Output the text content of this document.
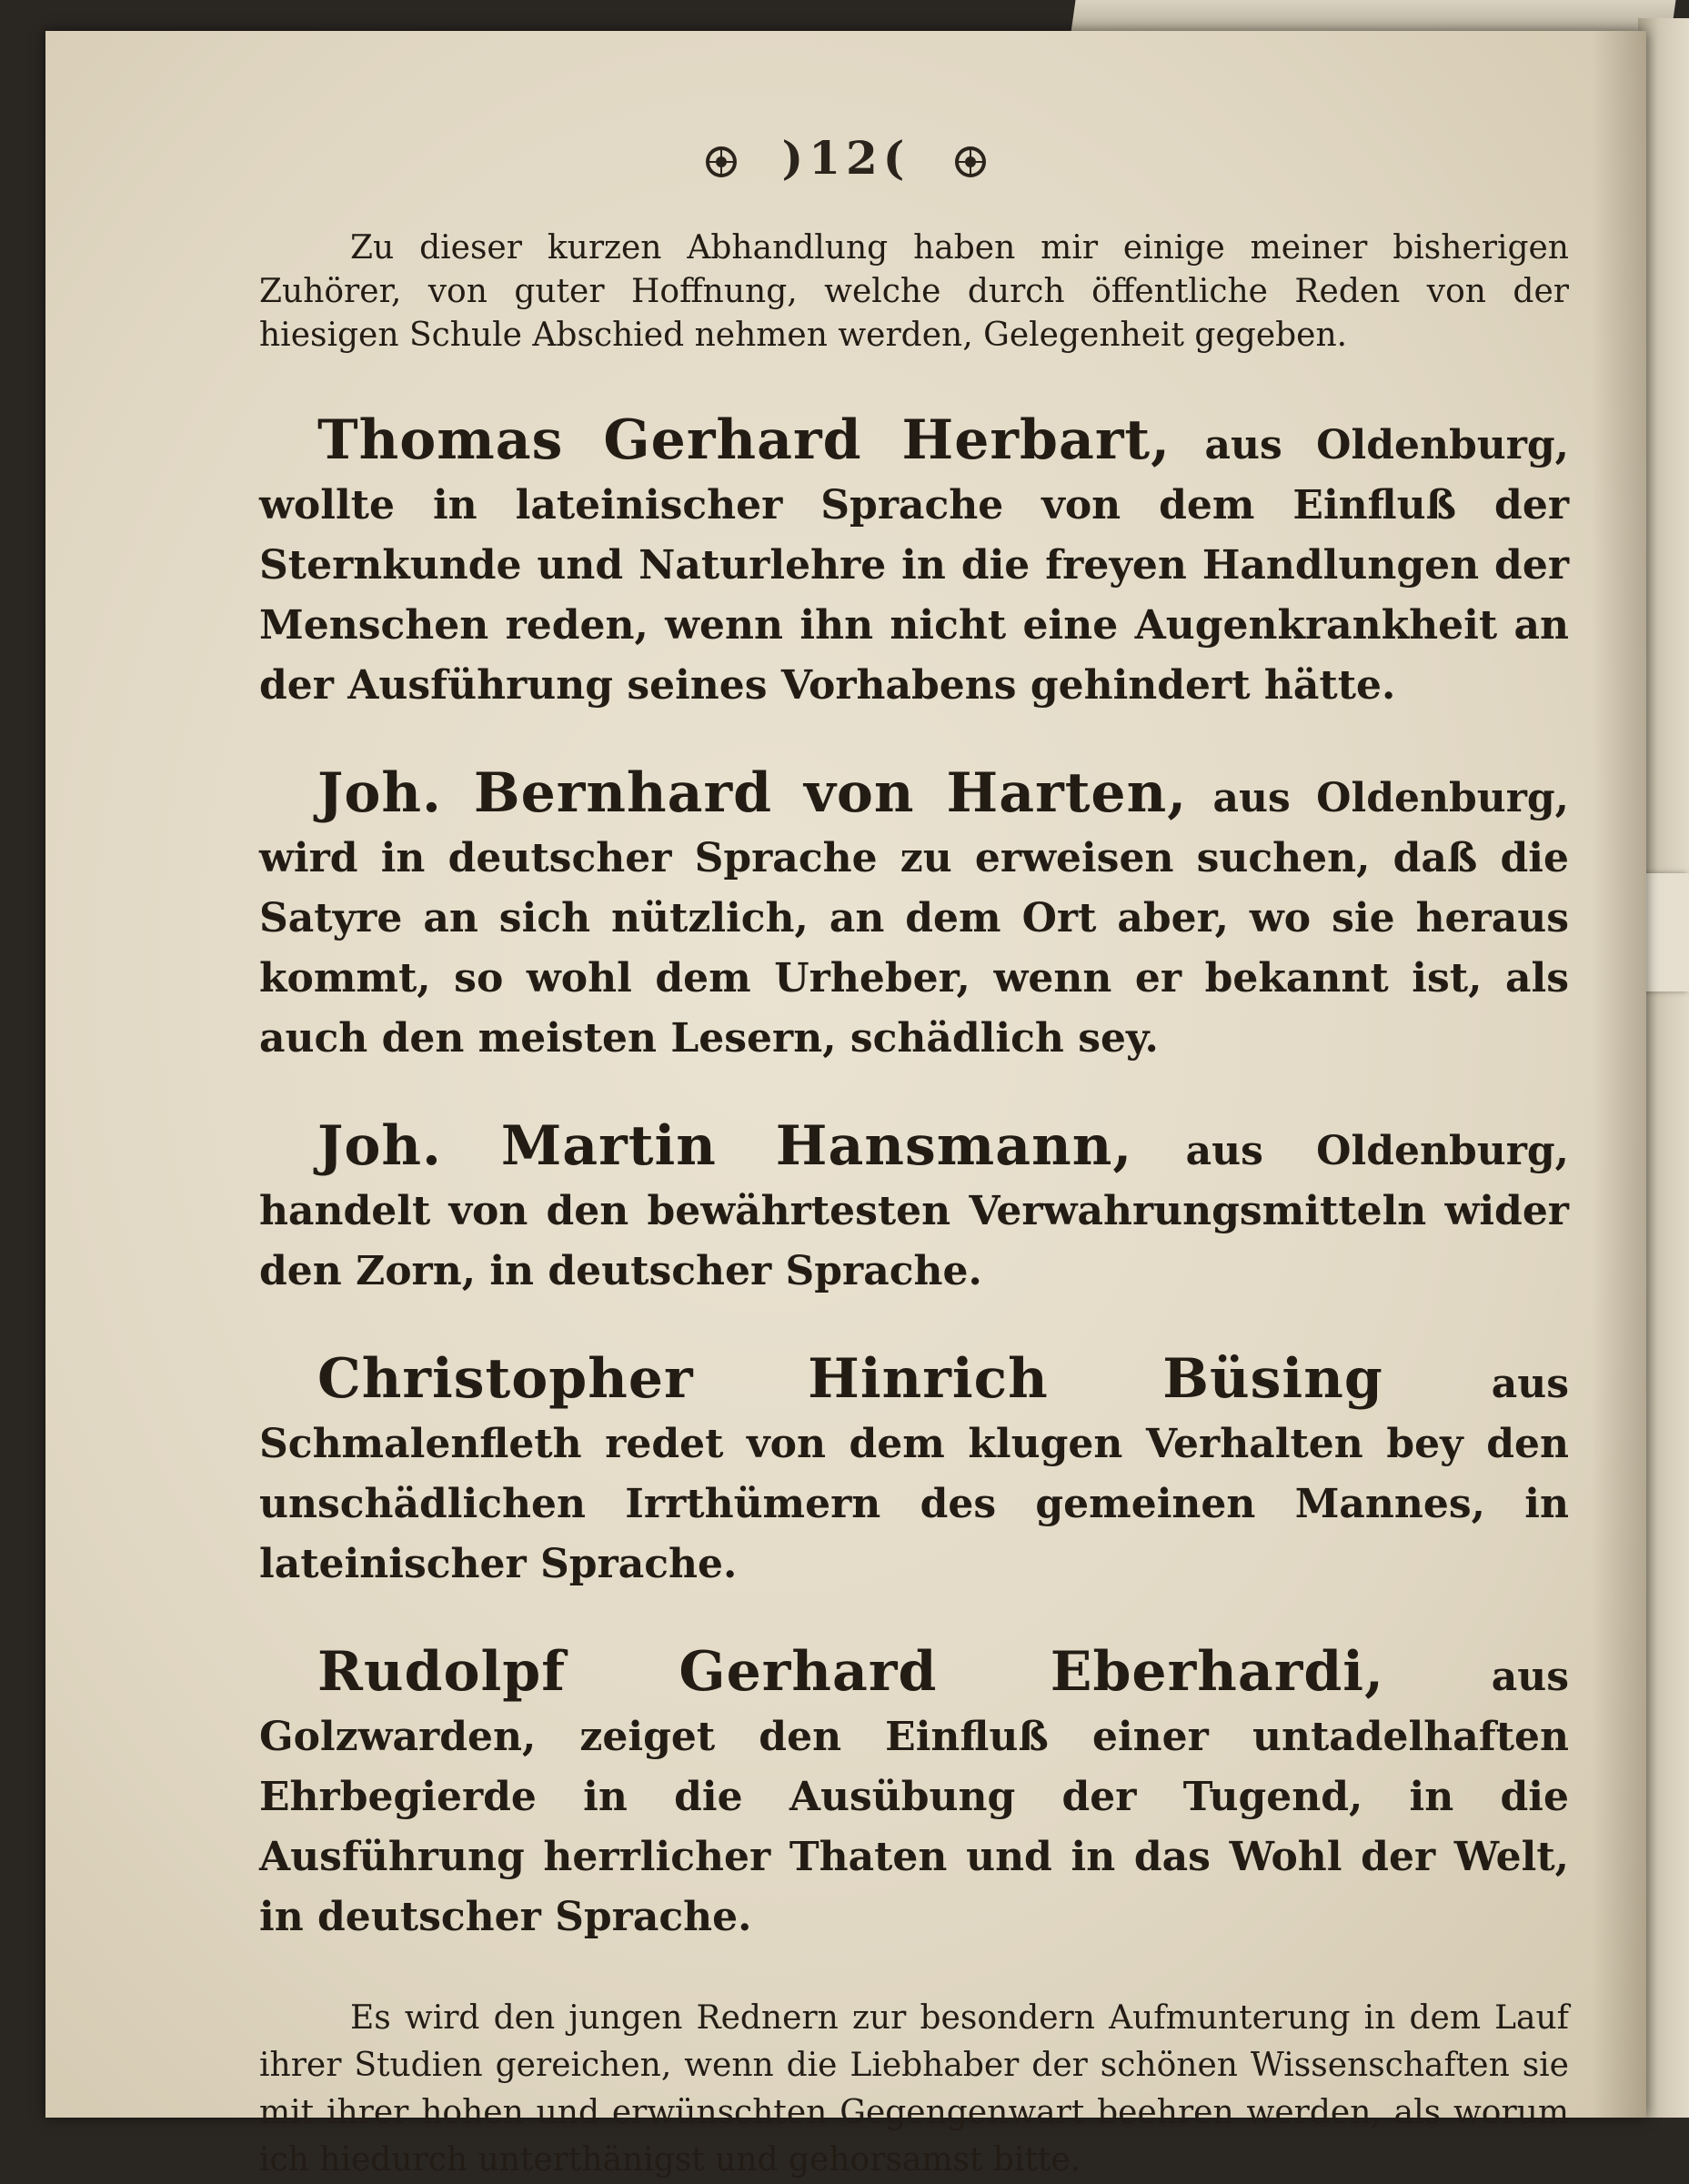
)12(

Zu dieser kurzen Abhandlung haben mir einige meiner bisherigen Zuhörer, von guter Hoffnung, welche durch öffentliche Reden von der hiesigen Schule Abschied nehmen werden, Gelegenheit gegeben.

Thomas Gerhard Herbart, aus Oldenburg, wollte in lateinischer Sprache von dem Einfluß der Sternkunde und Naturlehre in die freyen Handlungen der Menschen reden, wenn ihn nicht eine Augenkrankheit an der Ausführung seines Vorhabens gehindert hätte.

Joh. Bernhard von Harten, aus Oldenburg, wird in deutscher Sprache zu erweisen suchen, daß die Satyre an sich nützlich, an dem Ort aber, wo sie heraus kommt, so wohl dem Urheber, wenn er bekannt ist, als auch den meisten Lesern, schädlich sey.

Joh. Martin Hansmann, aus Oldenburg, handelt von den bewährtesten Verwahrungsmitteln wider den Zorn, in deutscher Sprache.

Christopher Hinrich Büsing	aus Schmalenfleth redet von dem klugen Verhalten bey den unschädlichen Irrthümern des gemeinen Mannes, in lateinischer Sprache.

Rudolpf Gerhard Eberhardi,	aus Golzwarden, zeiget den Einfluß einer untadelhaften Ehrbegierde in die Ausübung der Tugend, in die Ausführung herrlicher Thaten und in das Wohl der Welt, in deutscher Sprache.

Es wird den jungen Rednern zur besondern Aufmunterung in dem Lauf ihrer Studien gereichen, wenn die Liebhaber der schönen Wissenschaften sie mit ihrer hohen und erwünschten Gegengenwart beehren werden, als worum ich hiedurch unterthänigst und gehorsamst bitte.
